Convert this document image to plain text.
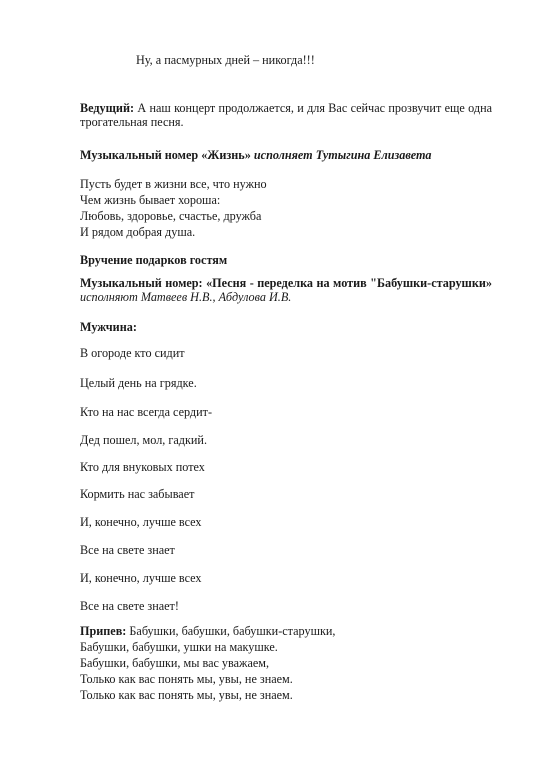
Ну, а пасмурных дней – никогда!!!
Ведущий: А наш концерт продолжается, и для Вас сейчас прозвучит еще одна трогательная песня.
Музыкальный номер «Жизнь» исполняет Тутыгина Елизавета
Пусть будет в жизни все, что нужно
Чем жизнь бывает хороша:
Любовь, здоровье, счастье, дружба
И рядом добрая душа.
Вручение подарков гостям
Музыкальный номер: «Песня - переделка на мотив "Бабушки-старушки» исполняют Матвеев Н.В., Абдулова И.В.
Мужчина:
В огороде кто сидит
Целый день на грядке.
Кто на нас всегда сердит-
Дед пошел, мол, гадкий.
Кто для внуковых потех
Кормить нас забывает
И, конечно, лучше всех
Все на свете знает
И, конечно, лучше всех
Все на свете знает!
Припев: Бабушки, бабушки, бабушки-старушки,
Бабушки, бабушки, ушки на макушке.
Бабушки, бабушки, мы вас уважаем,
Только как вас понять мы, увы, не знаем.
Только как вас понять мы, увы, не знаем.
